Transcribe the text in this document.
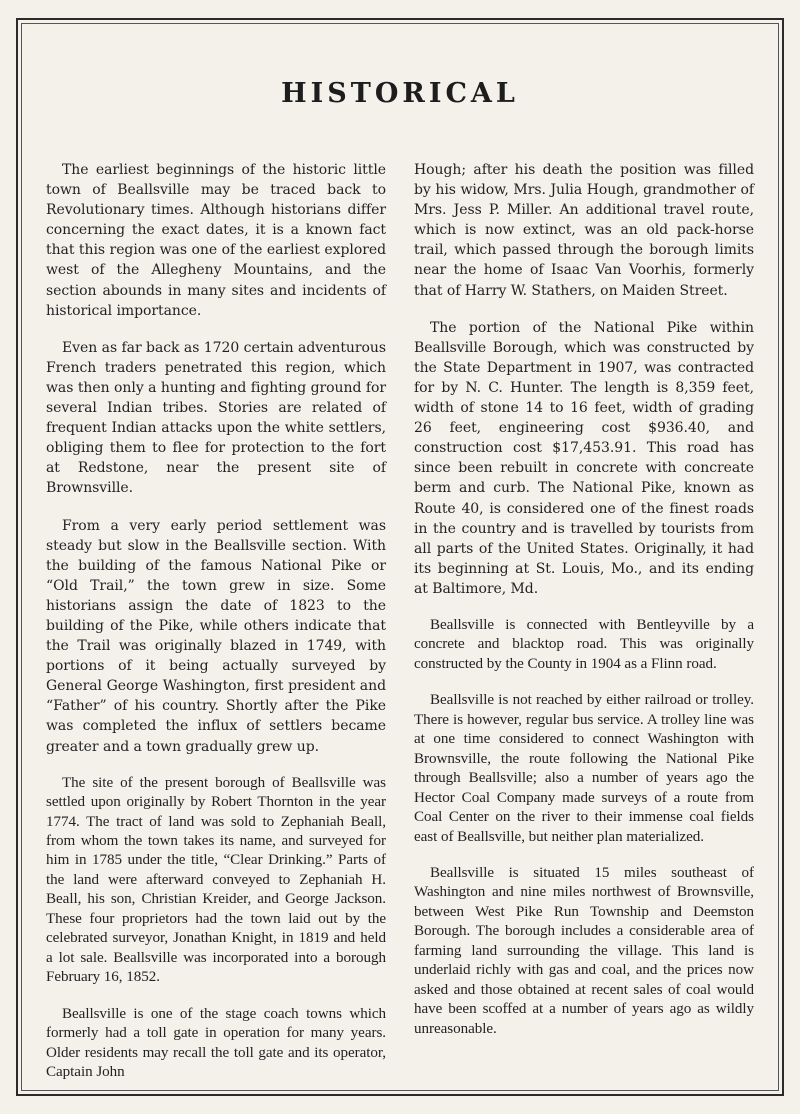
HISTORICAL

The earliest beginnings of the historic little town of Beallsville may be traced back to Revolutionary times. Although historians differ concerning the exact dates, it is a known fact that this region was one of the earliest explored west of the Allegheny Mountains, and the section abounds in many sites and incidents of historical importance.

Even as far back as 1720 certain adventurous French traders penetrated this region, which was then only a hunting and fighting ground for several Indian tribes. Stories are related of frequent Indian attacks upon the white settlers, obliging them to flee for protection to the fort at Redstone, near the present site of Brownsville.

From a very early period settlement was steady but slow in the Beallsville section. With the building of the famous National Pike or “Old Trail,” the town grew in size. Some historians assign the date of 1823 to the building of the Pike, while others indicate that the Trail was originally blazed in 1749, with portions of it being actually surveyed by General George Washington, first president and “Father” of his country. Shortly after the Pike was completed the influx of settlers became greater and a town gradually grew up.

The site of the present borough of Beallsville was settled upon originally by Robert Thornton in the year 1774. The tract of land was sold to Zephaniah Beall, from whom the town takes its name, and surveyed for him in 1785 under the title, “Clear Drinking.” Parts of the land were afterward conveyed to Zephaniah H. Beall, his son, Christian Kreider, and George Jackson. These four proprietors had the town laid out by the celebrated surveyor, Jonathan Knight, in 1819 and held a lot sale. Beallsville was incorporated into a borough February 16, 1852.

Beallsville is one of the stage coach towns which formerly had a toll gate in operation for many years. Older residents may recall the toll gate and its operator, Captain John

Hough; after his death the position was filled by his widow, Mrs. Julia Hough, grandmother of Mrs. Jess P. Miller. An additional travel route, which is now extinct, was an old pack-horse trail, which passed through the borough limits near the home of Isaac Van Voorhis, formerly that of Harry W. Stathers, on Maiden Street.

The portion of the National Pike within Beallsville Borough, which was constructed by the State Department in 1907, was contracted for by N. C. Hunter. The length is 8,359 feet, width of stone 14 to 16 feet, width of grading 26 feet, engineering cost $936.40, and construction cost $17,453.91. This road has since been rebuilt in concrete with concreate berm and curb. The National Pike, known as Route 40, is considered one of the finest roads in the country and is travelled by tourists from all parts of the United States. Originally, it had its beginning at St. Louis, Mo., and its ending at Baltimore, Md.

Beallsville is connected with Bentleyville by a concrete and blacktop road. This was originally constructed by the County in 1904 as a Flinn road.

Beallsville is not reached by either railroad or trolley. There is however, regular bus service. A trolley line was at one time considered to connect Washington with Brownsville, the route following the National Pike through Beallsville; also a number of years ago the Hector Coal Company made surveys of a route from Coal Center on the river to their immense coal fields east of Beallsville, but neither plan materialized.

Beallsville is situated 15 miles southeast of Washington and nine miles northwest of Brownsville, between West Pike Run Township and Deemston Borough. The borough includes a considerable area of farming land surrounding the village. This land is underlaid richly with gas and coal, and the prices now asked and those obtained at recent sales of coal would have been scoffed at a number of years ago as wildly unreasonable.
